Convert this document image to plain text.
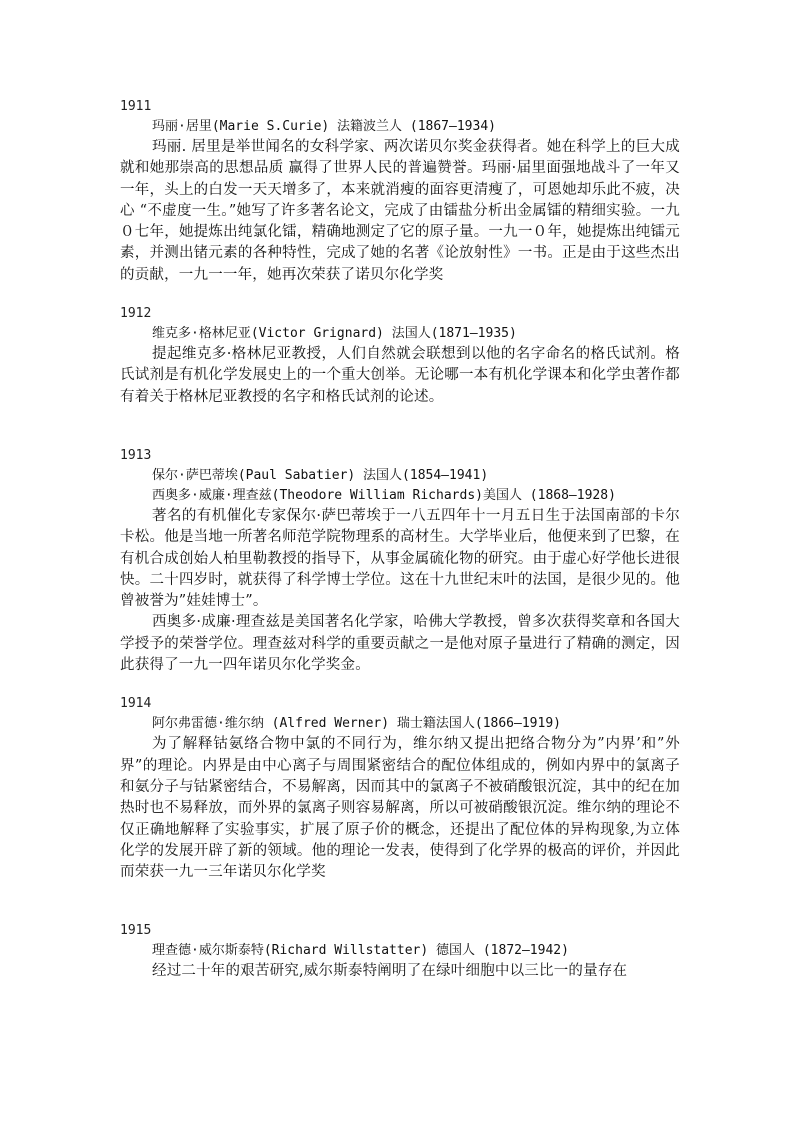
1911
玛丽·居里(Marie S.Curie) 法籍波兰人 (1867–1934)
玛丽. 居里是举世闻名的女科学家、两次诺贝尔奖金获得者。她在科学上的巨大成就和她那崇高的思想品质 赢得了世界人民的普遍赞誉。玛丽·届里面强地战斗了一年又一年，头上的白发一天天增多了，本来就消瘦的面容更清瘦了，可恩她却乐此不疲，决心 “不虚度一生。”她写了许多著名论文，完成了由镭盐分析出金属镭的精细实验。一九０七年，她提炼出纯氯化镭，精确地测定了它的原子量。一九一０年，她提炼出纯镭元素，并测出锗元素的各种特性，完成了她的名著《论放射性》一书。正是由于这些杰出的贡献，一九一一年，她再次荣获了诺贝尔化学奖
1912
维克多·格林尼亚(Victor Grignard) 法国人(1871–1935)
提起维克多·格林尼亚教授，人们自然就会联想到以他的名字命名的格氏试剂。格氏试剂是有机化学发展史上的一个重大创举。无论哪一本有机化学课本和化学虫著作都有着关于格林尼亚教授的名字和格氏试剂的论述。
1913
保尔·萨巴蒂埃(Paul Sabatier) 法国人(1854–1941)
西奥多·威廉·理查兹(Theodore William Richards)美国人 (1868–1928)
著名的有机催化专家保尔·萨巴蒂埃于一八五四年十一月五日生于法国南部的卡尔卡松。他是当地一所著名师范学院物理系的高材生。大学毕业后，他便来到了巴黎，在有机合成创始人柏里勒教授的指导下，从事金属硫化物的研究。由于虚心好学他长进很快。二十四岁时，就获得了科学博士学位。这在十九世纪末叶的法国，是很少见的。他曾被誉为”娃娃博士”。
西奥多·成廉·理查兹是美国著名化学家，哈佛大学教授，曾多次获得奖章和各国大学授予的荣誉学位。理查兹对科学的重要贡献之一是他对原子量进行了精确的测定，因此获得了一九一四年诺贝尔化学奖金。
1914
阿尔弗雷德·维尔纳 (Alfred Werner) 瑞士籍法国人(1866–1919)
为了解释钴氨络合物中氯的不同行为，维尔纳又提出把络合物分为”内界’和”外界”的理论。内界是由中心离子与周围紧密结合的配位体组成的，例如内界中的氯离子和氨分子与钴紧密结合，不易解离，因而其中的氯离子不被硝酸银沉淀，其中的纪在加热时也不易释放，而外界的氯离子则容易解离，所以可被硝酸银沉淀。维尔纳的理论不仅正确地解释了实验事实，扩展了原子价的概念，还提出了配位体的异构现象,为立体化学的发展开辟了新的领域。他的理论一发表，使得到了化学界的极高的评价，并因此而荣获一九一三年诺贝尔化学奖
1915
理查德·威尔斯泰特(Richard Willstatter) 德国人 (1872–1942)
经过二十年的艰苦研究,威尔斯泰特阐明了在绿叶细胞中以三比一的量存在
